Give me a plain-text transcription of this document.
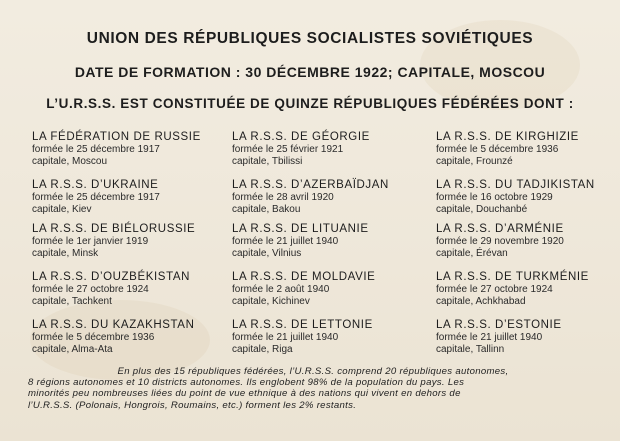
UNION DES RÉPUBLIQUES SOCIALISTES SOVIÉTIQUES
DATE DE FORMATION : 30 DÉCEMBRE 1922; CAPITALE, MOSCOU
L’U.R.S.S. EST CONSTITUÉE DE QUINZE RÉPUBLIQUES FÉDÉRÉES DONT :
LA FÉDÉRATION DE RUSSIE
formée le 25 décembre 1917
capitale, Moscou
LA R.S.S. D’UKRAINE
formée le 25 décembre 1917
capitale, Kiev
LA R.S.S. DE BIÉLORUSSIE
formée le 1er janvier 1919
capitale, Minsk
LA R.S.S. D’OUZBÉKISTAN
formée le 27 octobre 1924
capitale, Tachkent
LA R.S.S. DU KAZAKHSTAN
formée le 5 décembre 1936
capitale, Alma-Ata
LA R.S.S. DE GÉORGIE
formée le 25 février 1921
capitale, Tbilissi
LA R.S.S. D’AZERBAÏDJAN
formée le 28 avril 1920
capitale, Bakou
LA R.S.S. DE LITUANIE
formée le 21 juillet 1940
capitale, Vilnius
LA R.S.S. DE MOLDAVIE
formée le 2 août 1940
capitale, Kichinev
LA R.S.S. DE LETTONIE
formée le 21 juillet 1940
capitale, Riga
LA R.S.S. DE KIRGHIZIE
formée le 5 décembre 1936
capitale, Frounzé
LA R.S.S. DU TADJIKISTAN
formée le 16 octobre 1929
capitale, Douchanbé
LA R.S.S. D’ARMÉNIE
formée le 29 novembre 1920
capitale, Érévan
LA R.S.S. DE TURKMÉNIE
formée le 27 octobre 1924
capitale, Achkhabad
LA R.S.S. D’ESTONIE
formée le 21 juillet 1940
capitale, Tallinn
En plus des 15 républiques fédérées, l’U.R.S.S. comprend 20 républiques autonomes,
8 régions autonomes et 10 districts autonomes. Ils englobent 98% de la population du pays. Les
minorités peu nombreuses liées du point de vue ethnique à des nations qui vivent en dehors de
l’U.R.S.S. (Polonais, Hongrois, Roumains, etc.) forment les 2% restants.
